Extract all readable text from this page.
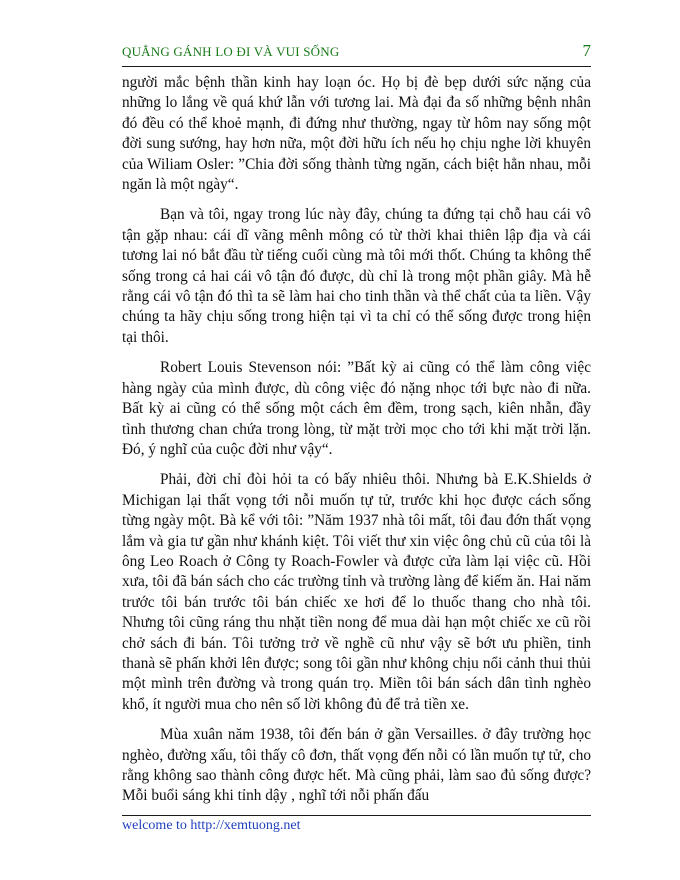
QUẲNG GÁNH LO ĐI VÀ VUI SỐNG	7

người mắc bệnh thần kinh hay loạn óc. Họ bị đè bẹp dưới sức nặng của những lo lắng về quá khứ lẫn với tương lai. Mà đại đa số những bệnh nhân đó đều có thể khoẻ mạnh, đi đứng như thường, ngay từ hôm nay sống một đời sung sướng, hay hơn nữa, một đời hữu ích nếu họ chịu nghe lời khuyên của Wiliam Osler: ”Chia đời sống thành từng ngăn, cách biệt hẳn nhau, mỗi ngăn là một ngày“.

Bạn và tôi, ngay trong lúc này đây, chúng ta đứng tại chỗ hau cái vô tận gặp nhau: cái dĩ vãng mênh mông có từ thời khai thiên lập địa và cái tương lai nó bắt đầu từ tiếng cuối cùng mà tôi mới thốt. Chúng ta không thể sống trong cả hai cái vô tận đó được, dù chỉ là trong một phần giây. Mà hễ rằng cái vô tận đó thì ta sẽ làm hai cho tinh thần và thể chất của ta liền. Vậy chúng ta hãy chịu sống trong hiện tại vì ta chỉ có thể sống được trong hiện tại thôi.

Robert Louis Stevenson nói: ”Bất kỳ ai cũng có thể làm công việc hàng ngày của mình được, dù công việc đó nặng nhọc tới bực nào đi nữa. Bất kỳ ai cũng có thể sống một cách êm đềm, trong sạch, kiên nhẫn, đầy tình thương chan chứa trong lòng, từ mặt trời mọc cho tới khi mặt trời lặn. Đó, ý nghĩ của cuộc đời như vậy“.

Phải, đời chỉ đòi hỏi ta có bấy nhiêu thôi. Nhưng bà E.K.Shields ở Michigan lại thất vọng tới nỗi muốn tự tử, trước khi học được cách sống từng ngày một. Bà kể với tôi: ”Năm 1937 nhà tôi mất, tôi đau đớn thất vọng lắm và gia tư gần như khánh kiệt. Tôi viết thư xin việc ông chủ cũ của tôi là ông Leo Roach ở Công ty Roach-Fowler và được cửa làm lại việc cũ. Hồi xưa, tôi đã bán sách cho các trường tỉnh và trường làng để kiếm ăn. Hai năm trước tôi bán trước tôi bán chiếc xe hơi để lo thuốc thang cho nhà tôi. Nhưng tôi cũng ráng thu nhặt tiền nong để mua dài hạn một chiếc xe cũ rồi chở sách đi bán. Tôi tưởng trở về nghề cũ như vậy sẽ bớt ưu phiền, tinh thanà sẽ phấn khởi lên được; song tôi gần như không chịu nổi cảnh thui thủi một mình trên đường và trong quán trọ. Miền tôi bán sách dân tình nghèo khổ, ít người mua cho nên số lời không đủ để trả tiền xe.

Mùa xuân năm 1938, tôi đến bán ở gần Versailles. ở đây trường học nghèo, đường xấu, tôi thấy cô đơn, thất vọng đến nỗi có lần muốn tự tử, cho rằng không sao thành công được hết. Mà cũng phải, làm sao đủ sống được? Mỗi buổi sáng khi tỉnh dậy , nghĩ tới nỗi phấn đấu

welcome to http://xemtuong.net
